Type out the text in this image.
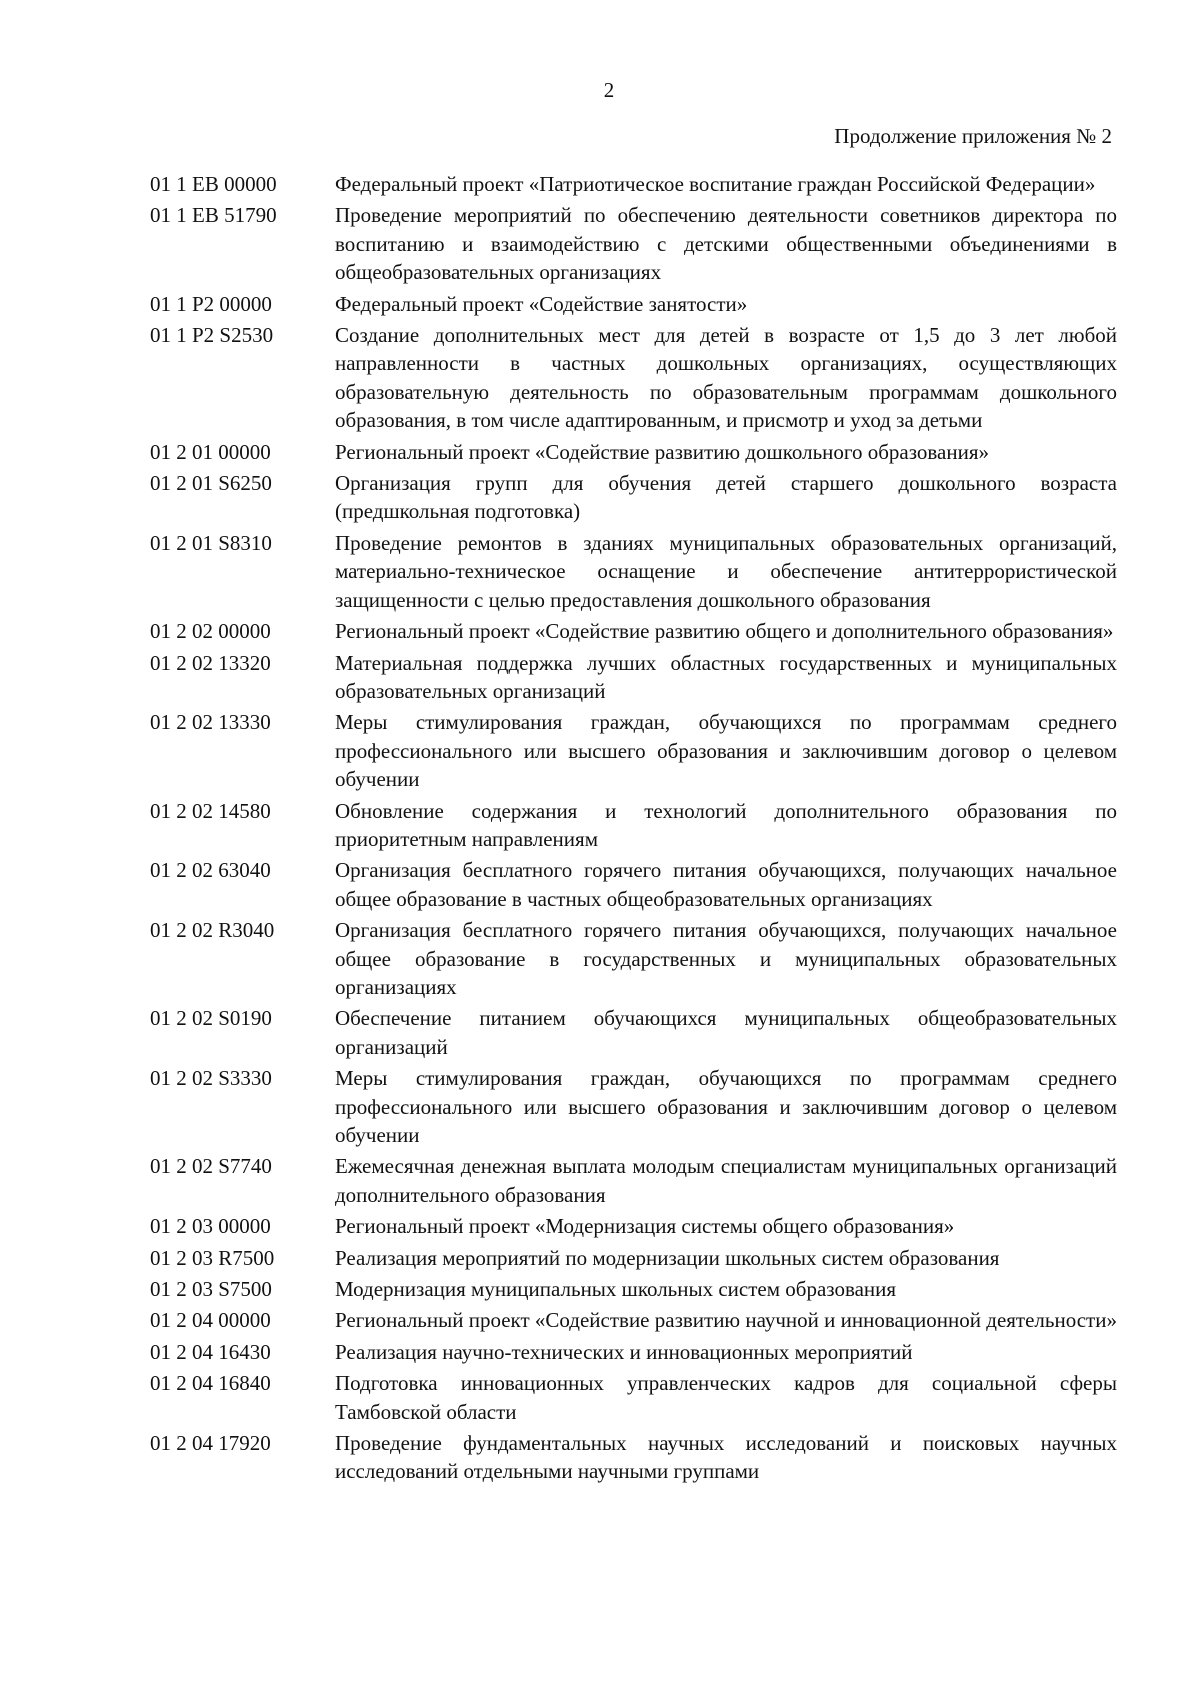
2
Продолжение приложения № 2
01 1 EB 00000	Федеральный проект «Патриотическое воспитание граждан Российской Федерации»
01 1 EB 51790	Проведение мероприятий по обеспечению деятельности советников директора по воспитанию и взаимодействию с детскими общественными объединениями в общеобразовательных организациях
01 1 P2 00000	Федеральный проект «Содействие занятости»
01 1 P2 S2530	Создание дополнительных мест для детей в возрасте от 1,5 до 3 лет любой направленности в частных дошкольных организациях, осуществляющих образовательную деятельность по образовательным программам дошкольного образования, в том числе адаптированным, и присмотр и уход за детьми
01 2 01 00000	Региональный проект «Содействие развитию дошкольного образования»
01 2 01 S6250	Организация групп для обучения детей старшего дошкольного возраста (предшкольная подготовка)
01 2 01 S8310	Проведение ремонтов в зданиях муниципальных образовательных организаций, материально-техническое оснащение и обеспечение антитеррористической защищенности с целью предоставления дошкольного образования
01 2 02 00000	Региональный проект «Содействие развитию общего и дополнительного образования»
01 2 02 13320	Материальная поддержка лучших областных государственных и муниципальных образовательных организаций
01 2 02 13330	Меры стимулирования граждан, обучающихся по программам среднего профессионального или высшего образования и заключившим договор о целевом обучении
01 2 02 14580	Обновление содержания и технологий дополнительного образования по приоритетным направлениям
01 2 02 63040	Организация бесплатного горячего питания обучающихся, получающих начальное общее образование в частных общеобразовательных организациях
01 2 02 R3040	Организация бесплатного горячего питания обучающихся, получающих начальное общее образование в государственных и муниципальных образовательных организациях
01 2 02 S0190	Обеспечение питанием обучающихся муниципальных общеобразовательных организаций
01 2 02 S3330	Меры стимулирования граждан, обучающихся по программам среднего профессионального или высшего образования и заключившим договор о целевом обучении
01 2 02 S7740	Ежемесячная денежная выплата молодым специалистам муниципальных организаций дополнительного образования
01 2 03 00000	Региональный проект «Модернизация системы общего образования»
01 2 03 R7500	Реализация мероприятий по модернизации школьных систем образования
01 2 03 S7500	Модернизация муниципальных школьных систем образования
01 2 04 00000	Региональный проект «Содействие развитию научной и инновационной деятельности»
01 2 04 16430	Реализация научно-технических и инновационных мероприятий
01 2 04 16840	Подготовка инновационных управленческих кадров для социальной сферы Тамбовской области
01 2 04 17920	Проведение фундаментальных научных исследований и поисковых научных исследований отдельными научными группами
